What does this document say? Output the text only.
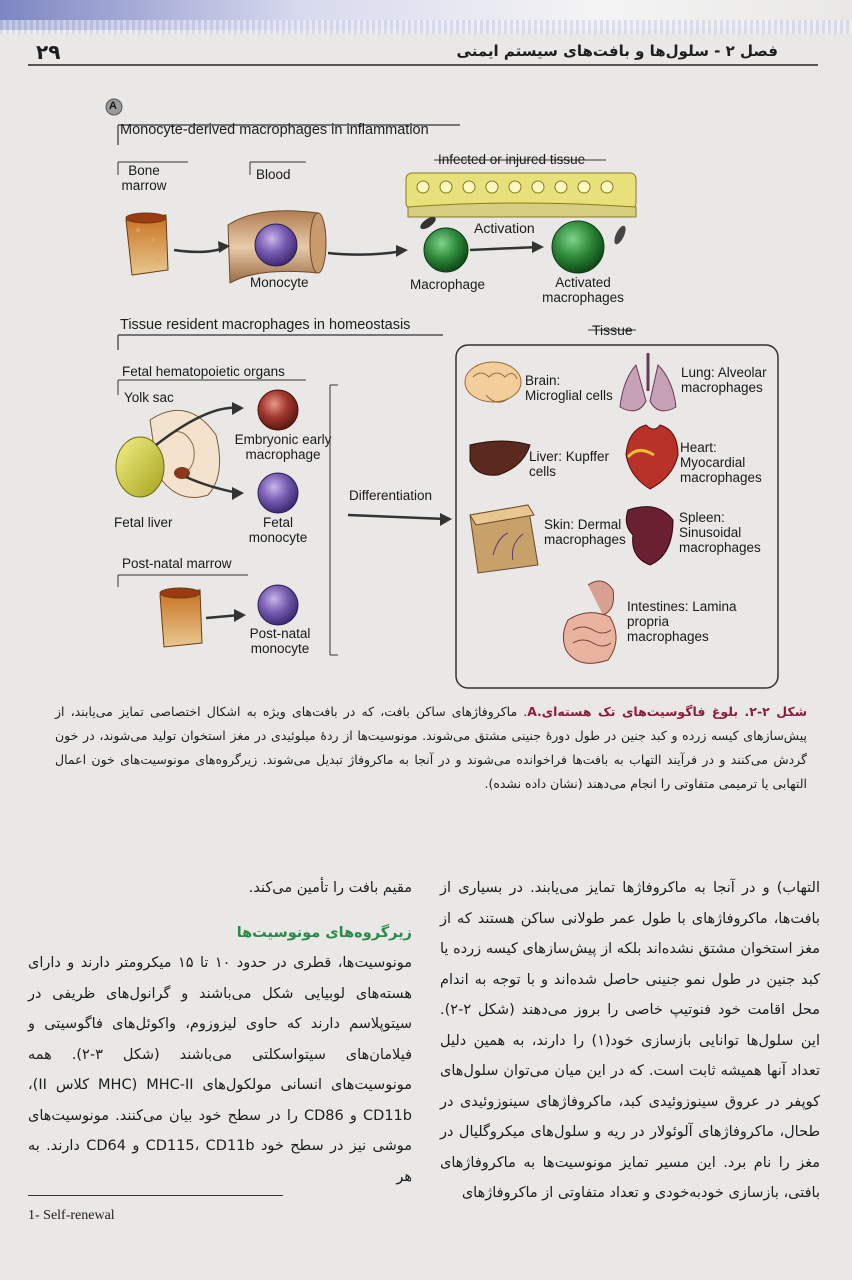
۲۹	فصل ۲ - سلول‌ها و بافت‌های سیستم ایمنی
A
Monocyte-derived macrophages in inflammation
Bone marrow
Blood
Infected or injured tissue
Activation
Monocyte	Macrophage	Activated macrophages
Tissue resident macrophages in homeostasis	Tissue
Fetal hematopoietic organs
Yolk sac
Embryonic early macrophage
Fetal liver	Fetal monocyte
Differentiation
Post-natal marrow
Post-natal monocyte
Brain: Microglial cells
Lung: Alveolar macrophages
Liver: Kupffer cells
Heart: Myocardial macrophages
Skin: Dermal macrophages
Spleen: Sinusoidal macrophages
Intestines: Lamina propria macrophages
شکل ۲-۲. بلوغ فاگوسیت‌های تک هسته‌ای.A. ماکروفاژهای ساکن بافت، که در بافت‌های ویژه به اشکال اختصاصی تمایز می‌یابند، از پیش‌سازهای کیسه زرده و کبد جنین در طول دورهٔ جنینی مشتق می‌شوند. مونوسیت‌ها از ردهٔ میلوئیدی در مغز استخوان تولید می‌شوند، در خون گردش می‌کنند و در فرآیند التهاب به بافت‌ها فراخوانده می‌شوند و در آنجا به ماکروفاژ تبدیل می‌شوند. زیرگروه‌های مونوسیت‌های خون اعمال التهابی یا ترمیمی متفاوتی را انجام می‌دهند (نشان داده نشده).
التهاب) و در آنجا به ماکروفاژها تمایز می‌یابند. در بسیاری از بافت‌ها، ماکروفاژهای با طول عمر طولانی ساکن هستند که از مغز استخوان مشتق نشده‌اند بلکه از پیش‌سازهای کیسه زرده یا کبد جنین در طول نمو جنینی حاصل شده‌اند و با توجه به اندام محل اقامت خود فنوتیپ خاصی را بروز می‌دهند (شکل ۲-۲). این سلول‌ها توانایی بازسازی خود(۱) را دارند، به همین دلیل تعداد آنها همیشه ثابت است. که در این میان می‌توان سلول‌های کوپفر در عروق سینوزوئیدی کبد، ماکروفاژهای سینوزوئیدی در طحال، ماکروفاژهای آلوئولار در ریه و سلول‌های میکروگلیال در مغز را نام برد. این مسیر تمایز مونوسیت‌ها به ماکروفاژهای بافتی، بازسازی خودبه‌خودی و تعداد متفاوتی از ماکروفاژهای
مقیم بافت را تأمین می‌کند.
زیرگروه‌های مونوسیت‌ها
مونوسیت‌ها، قطری در حدود ۱۰ تا ۱۵ میکرومتر دارند و دارای هسته‌های لوبیایی شکل می‌باشند و گرانول‌های ظریفی در سیتوپلاسم دارند که حاوی لیزوزوم، واکوئل‌های فاگوسیتی و فیلامان‌های سیتواسکلتی می‌باشند (شکل ۳-۲). همه مونوسیت‌های انسانی مولکول‌های MHC-II (MHC کلاس II)، CD11b و CD86 را در سطح خود بیان می‌کنند. مونوسیت‌های موشی نیز در سطح خود CD115، CD11b و CD64 دارند. به هر
1- Self-renewal
